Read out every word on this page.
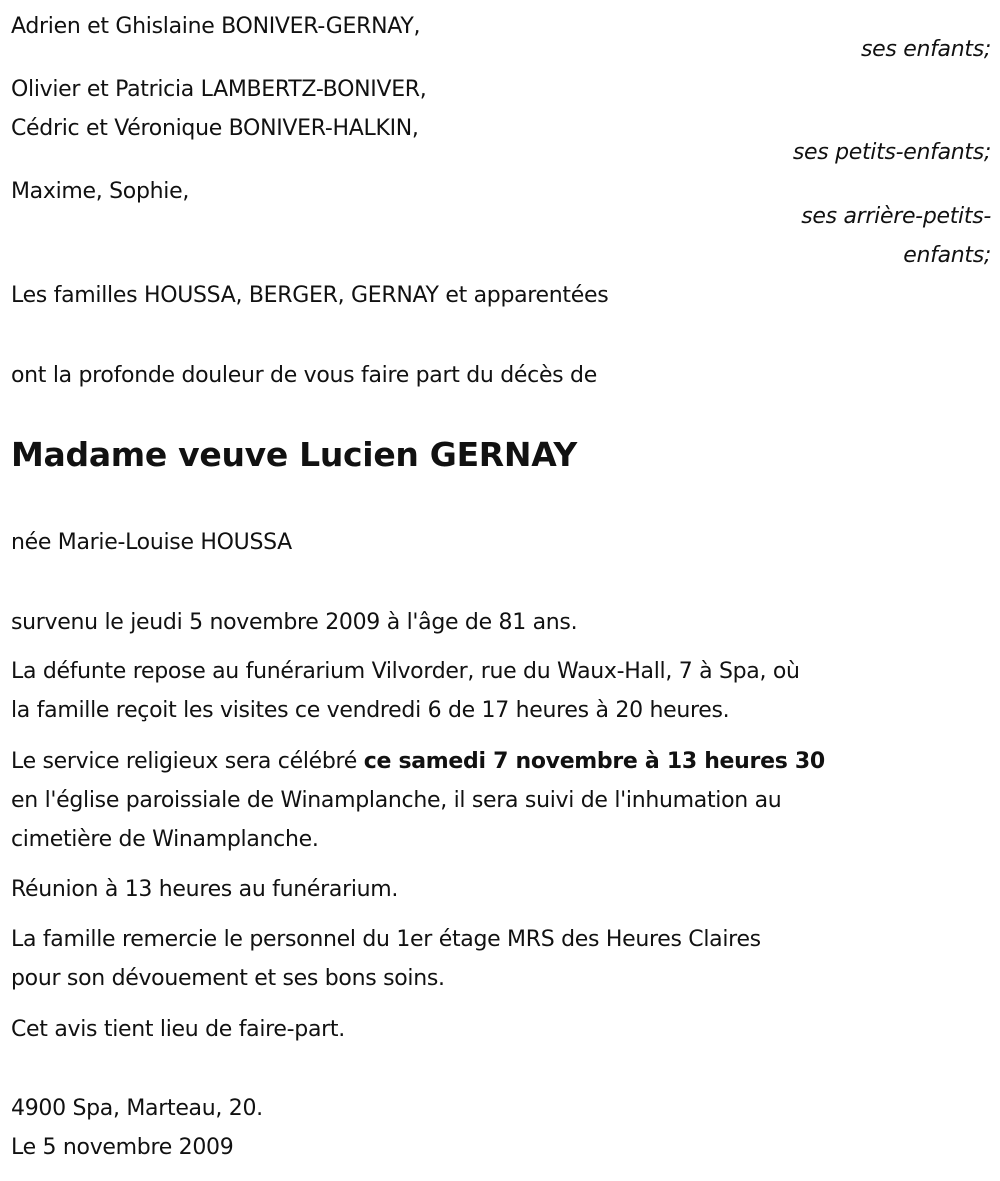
Adrien et Ghislaine BONIVER-GERNAY,
ses enfants;
Olivier et Patricia LAMBERTZ-BONIVER,
Cédric et Véronique BONIVER-HALKIN,
ses petits-enfants;
Maxime, Sophie,
ses arrière-petits-
enfants;
Les familles HOUSSA, BERGER, GERNAY et apparentées
ont la profonde douleur de vous faire part du décès de
Madame veuve Lucien GERNAY
née Marie-Louise HOUSSA
survenu le jeudi 5 novembre 2009 à l'âge de 81 ans.
La défunte repose au funérarium Vilvorder, rue du Waux-Hall, 7 à Spa, où
la famille reçoit les visites ce vendredi 6 de 17 heures à 20 heures.
Le service religieux sera célébré ce samedi 7 novembre à 13 heures 30
en l'église paroissiale de Winamplanche, il sera suivi de l'inhumation au
cimetière de Winamplanche.
Réunion à 13 heures au funérarium.
La famille remercie le personnel du 1er étage MRS des Heures Claires
pour son dévouement et ses bons soins.
Cet avis tient lieu de faire-part.
4900 Spa, Marteau, 20.
Le 5 novembre 2009
